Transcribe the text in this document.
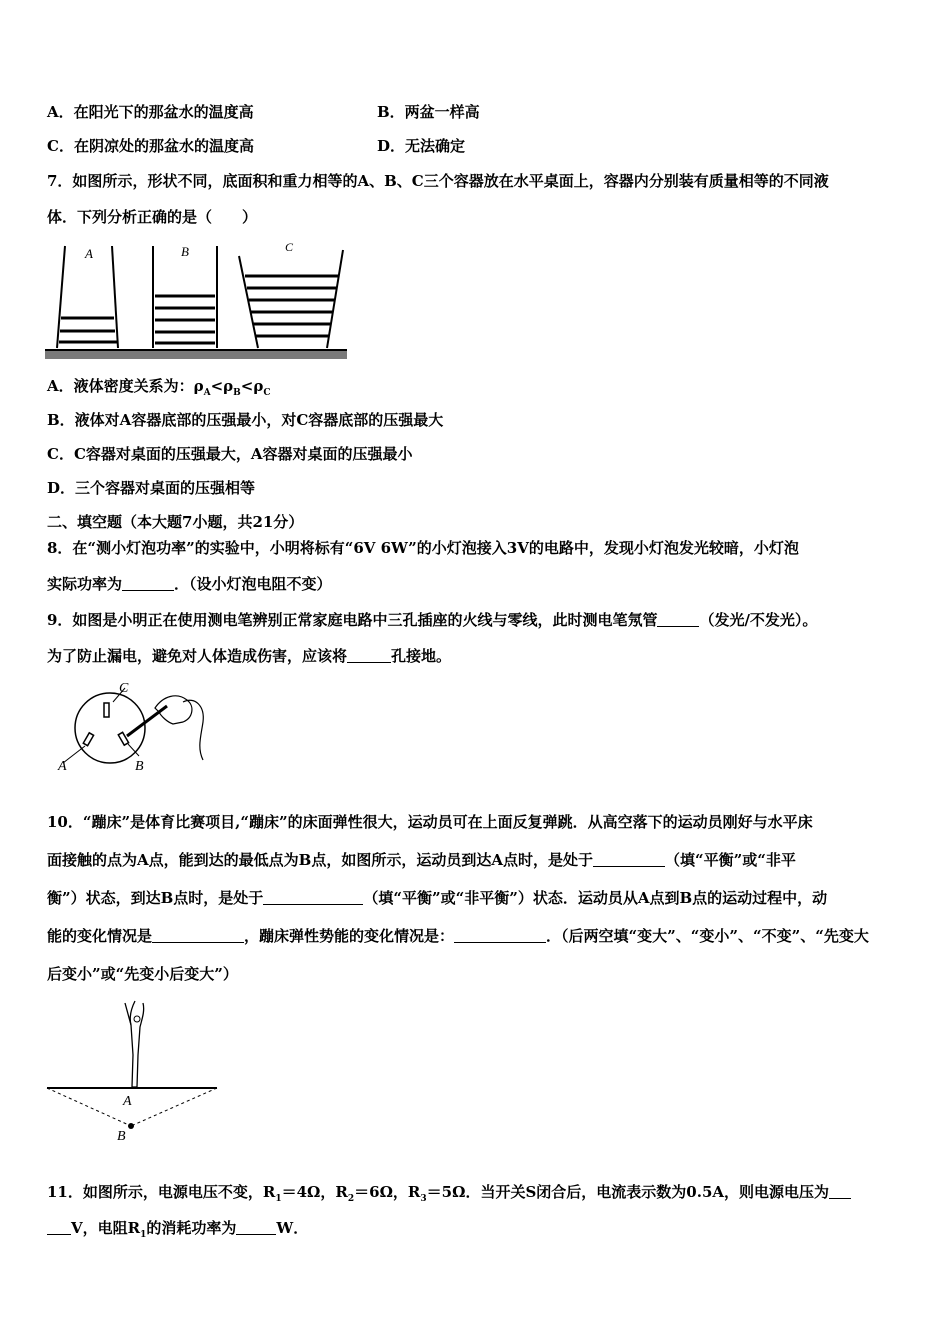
A．在阳光下的那盆水的温度高	B．两盆一样高
C．在阴凉处的那盆水的温度高	D．无法确定
7．如图所示，形状不同，底面积和重力相等的A、B、C三个容器放在水平桌面上，容器内分别装有质量相等的不同液
体．下列分析正确的是（　　）
A	B	C
A．液体密度关系为：$\rho_A<\rho_B<\rho_C$
B．液体对A容器底部的压强最小，对C容器底部的压强最大
C．C容器对桌面的压强最大，A容器对桌面的压强最小
D．三个容器对桌面的压强相等
二、填空题（本大题7小题，共21分）
8．在“测小灯泡功率”的实验中，小明将标有“6V 6W”的小灯泡接入3V的电路中，发现小灯泡发光较暗，小灯泡
实际功率为	．（设小灯泡电阻不变）
9．如图是小明正在使用测电笔辨别正常家庭电路中三孔插座的火线与零线，此时测电笔氖管	（发光/不发光）。
为了防止漏电，避免对人体造成伤害，应该将	孔接地。
A	B
C
10．“蹦床”是体育比赛项目,“蹦床”的床面弹性很大，运动员可在上面反复弹跳．从高空落下的运动员刚好与水平床
面接触的点为A点，能到达的最低点为B点，如图所示，运动员到达A点时，是处于	（填“平衡”或“非平
衡”）状态，到达B点时，是处于	（填“平衡”或“非平衡”）状态．运动员从A点到B点的运动过程中，动
能的变化情况是	，蹦床弹性势能的变化情况是：	．（后两空填“变大”、“变小”、“不变”、“先变大
后变小”或“先变小后变大”）
A
B
11．如图所示，电源电压不变，$R_1=4\Omega$，$R_2=6\Omega$，$R_3=5\Omega$．当开关S闭合后，电流表示数为0.5A，则电源电压为
V，电阻$R_1$的消耗功率为	W．
